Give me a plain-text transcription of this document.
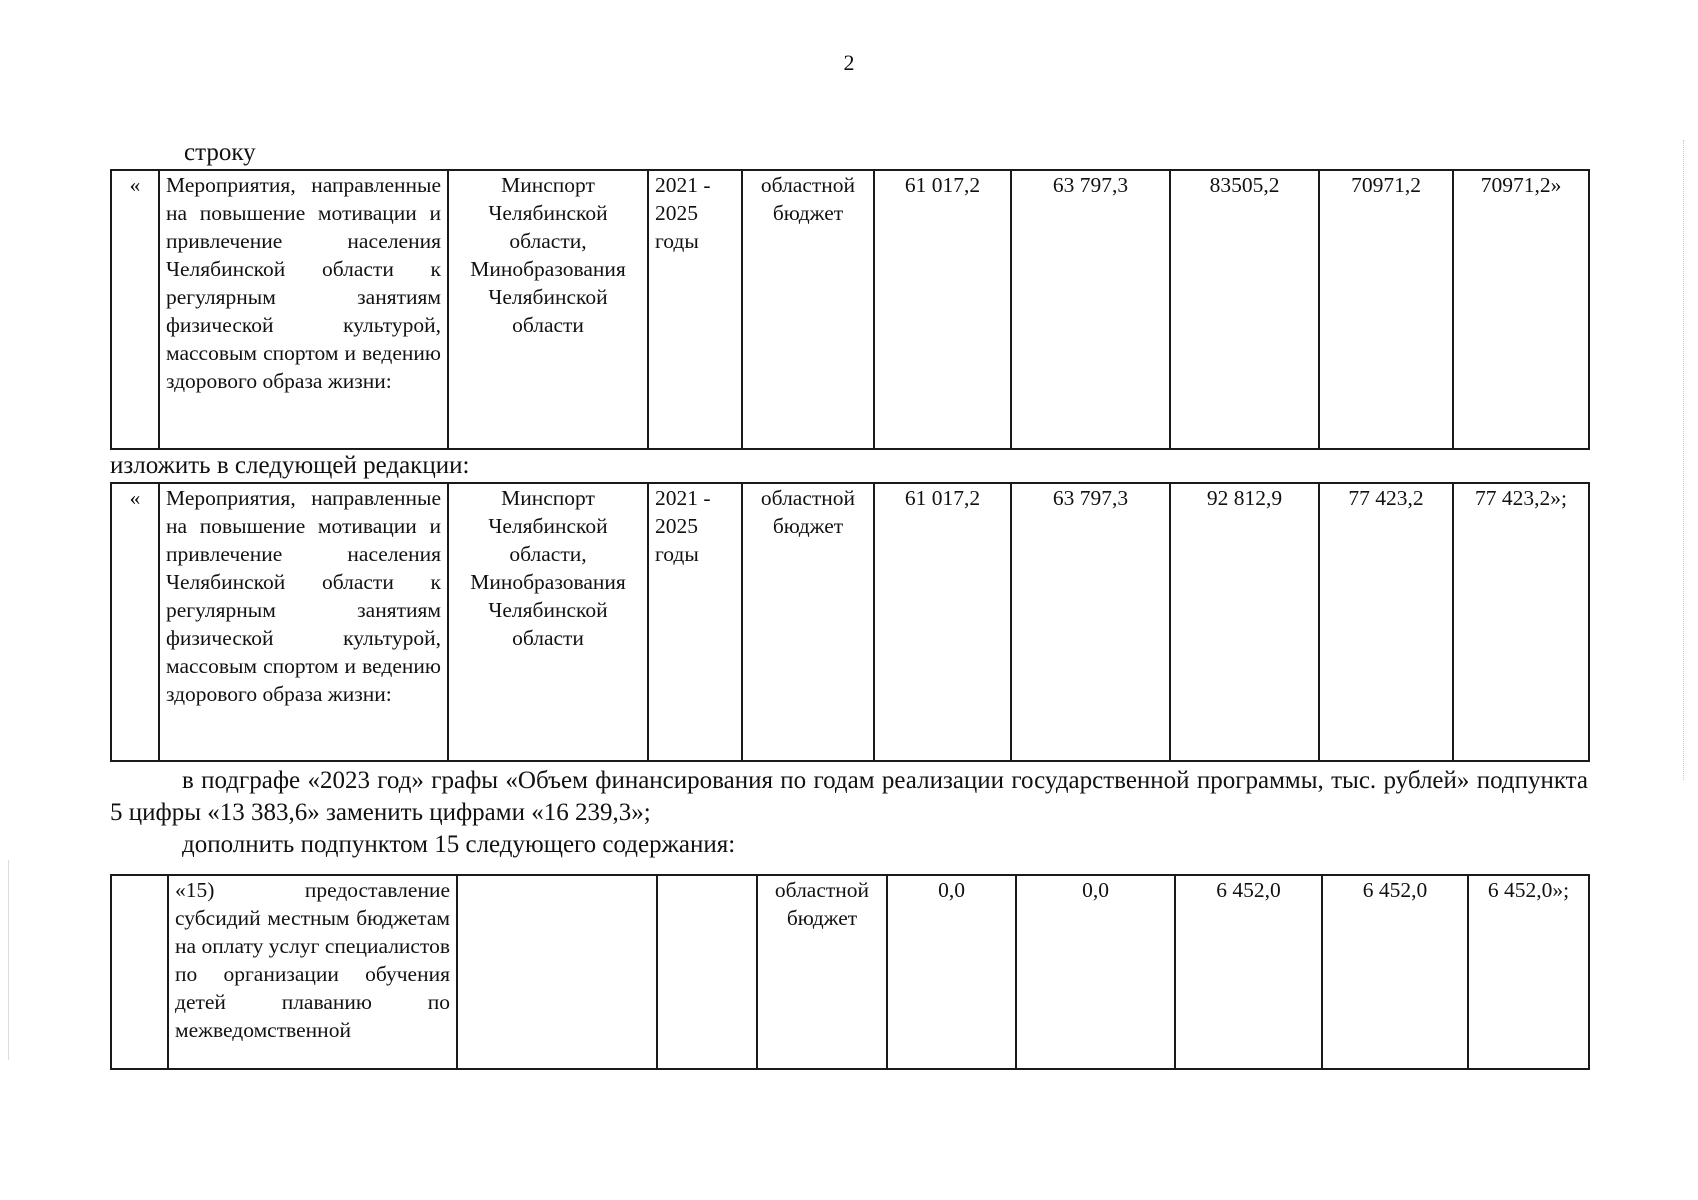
2
строку
«	Мероприятия, направленные на повышение мотивации и привлечение населения Челябинской области к регулярным занятиям физической культурой, массовым спортом и ведению здорового образа жизни:	Минспорт Челябинской области, Минобразования Челябинской области	2021 - 2025 годы	областной бюджет	61 017,2	63 797,3	83505,2	70971,2	70971,2»
изложить в следующей редакции:
«	Мероприятия, направленные на повышение мотивации и привлечение населения Челябинской области к регулярным занятиям физической культурой, массовым спортом и ведению здорового образа жизни:	Минспорт Челябинской области, Минобразования Челябинской области	2021 - 2025 годы	областной бюджет	61 017,2	63 797,3	92 812,9	77 423,2	77 423,2»;
в подграфе «2023 год» графы «Объем финансирования по годам реализации государственной программы, тыс. рублей» подпункта 5 цифры «13 383,6» заменить цифрами «16 239,3»;
дополнить подпунктом 15 следующего содержания:
	«15) предоставление субсидий местным бюджетам на оплату услуг специалистов по организации обучения детей плаванию по межведомственной			областной бюджет	0,0	0,0	6 452,0	6 452,0	6 452,0»;
